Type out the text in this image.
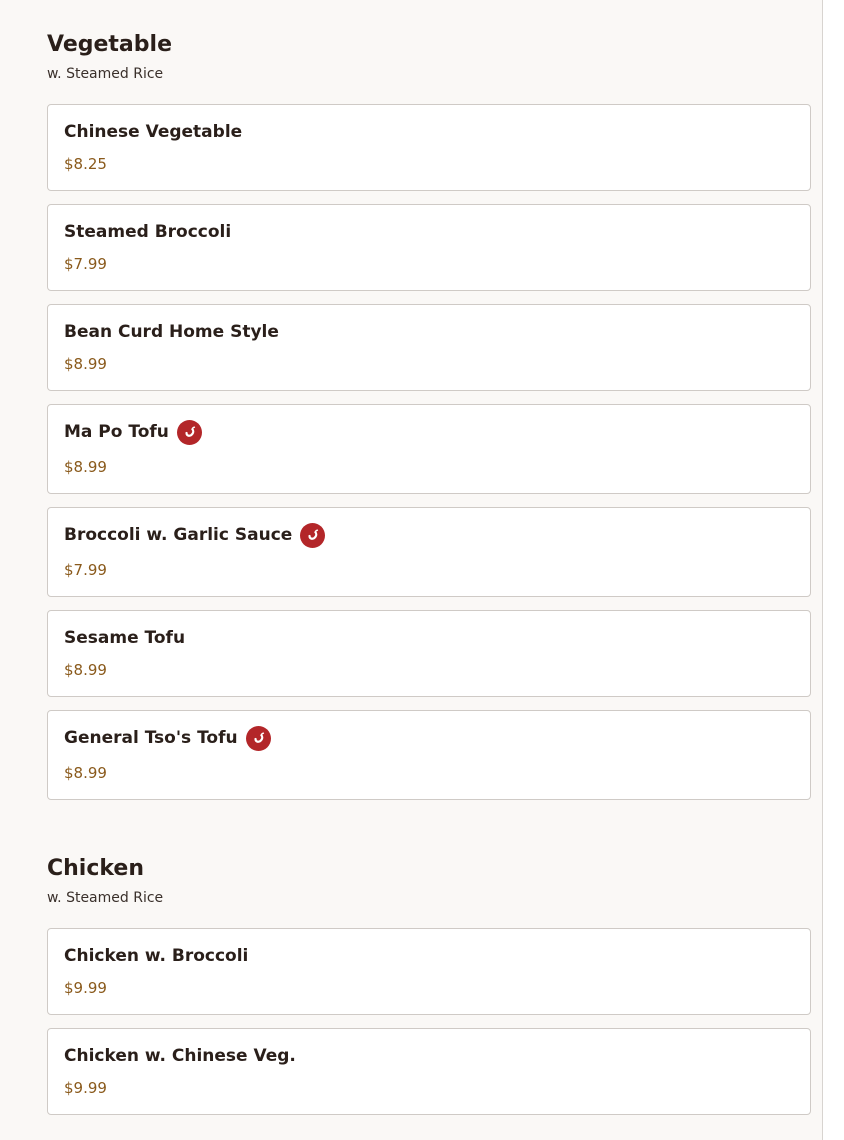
Vegetable
w. Steamed Rice
Chinese Vegetable
$8.25
Steamed Broccoli
$7.99
Bean Curd Home Style
$8.99
Ma Po Tofu
$8.99
Broccoli w. Garlic Sauce
$7.99
Sesame Tofu
$8.99
General Tso's Tofu
$8.99
Chicken
w. Steamed Rice
Chicken w. Broccoli
$9.99
Chicken w. Chinese Veg.
$9.99
